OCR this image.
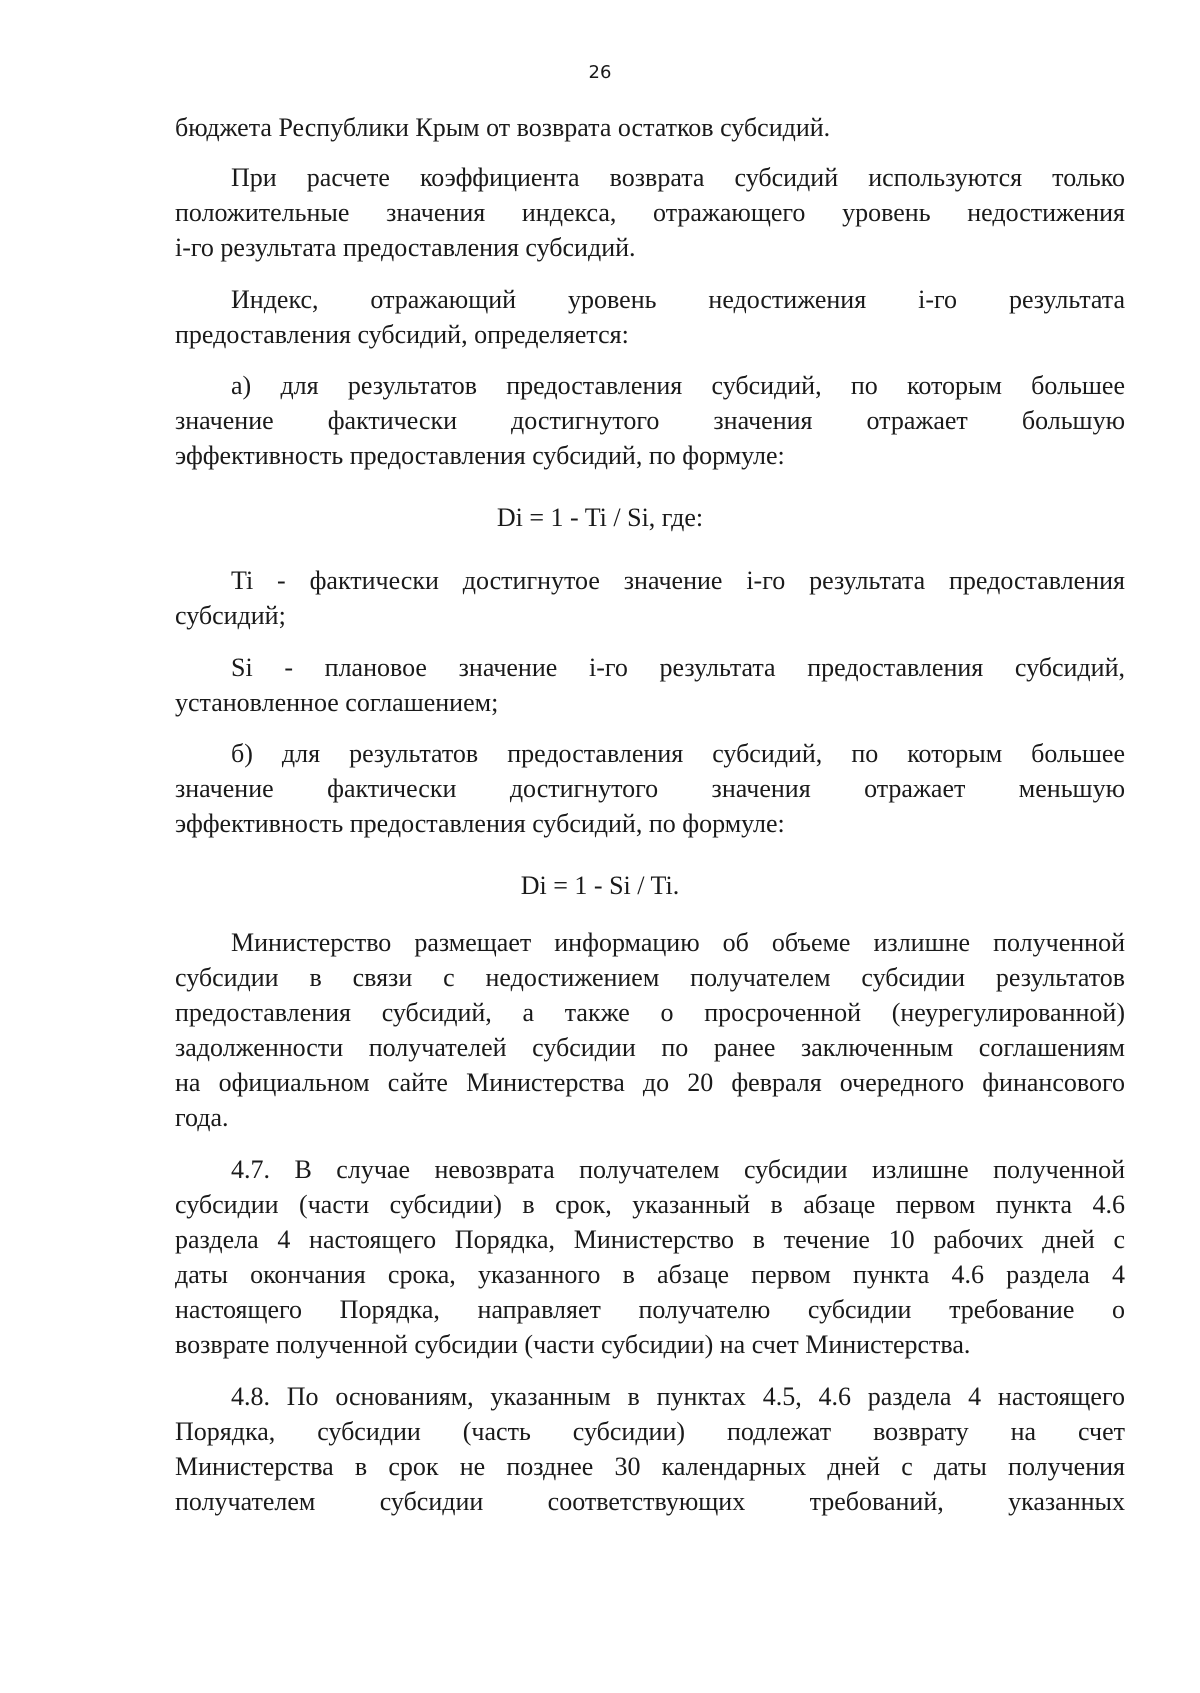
26
бюджета Республики Крым от возврата остатков субсидий.
При расчете коэффициента возврата субсидий используются только
положительные значения индекса, отражающего уровень недостижения
i-го результата предоставления субсидий.
Индекс, отражающий уровень недостижения i-го результата
предоставления субсидий, определяется:
а) для результатов предоставления субсидий, по которым большее
значение фактически достигнутого значения отражает большую
эффективность предоставления субсидий, по формуле:
Di = 1 - Ti / Si, где:
Ti - фактически достигнутое значение i-го результата предоставления
субсидий;
Si - плановое значение i-го результата предоставления субсидий,
установленное соглашением;
б) для результатов предоставления субсидий, по которым большее
значение фактически достигнутого значения отражает меньшую
эффективность предоставления субсидий, по формуле:
Di = 1 - Si / Ti.
Министерство размещает информацию об объеме излишне полученной
субсидии в связи с недостижением получателем субсидии результатов
предоставления субсидий, а также о просроченной (неурегулированной)
задолженности получателей субсидии по ранее заключенным соглашениям
на официальном сайте Министерства до 20 февраля очередного финансового
года.
4.7. В случае невозврата получателем субсидии излишне полученной
субсидии (части субсидии) в срок, указанный в абзаце первом пункта 4.6
раздела 4 настоящего Порядка, Министерство в течение 10 рабочих дней с
даты окончания срока, указанного в абзаце первом пункта 4.6 раздела 4
настоящего Порядка, направляет получателю субсидии требование о
возврате полученной субсидии (части субсидии) на счет Министерства.
4.8. По основаниям, указанным в пунктах 4.5, 4.6 раздела 4 настоящего
Порядка, субсидии (часть субсидии) подлежат возврату на счет
Министерства в срок не позднее 30 календарных дней с даты получения
получателем субсидии соответствующих требований, указанных
